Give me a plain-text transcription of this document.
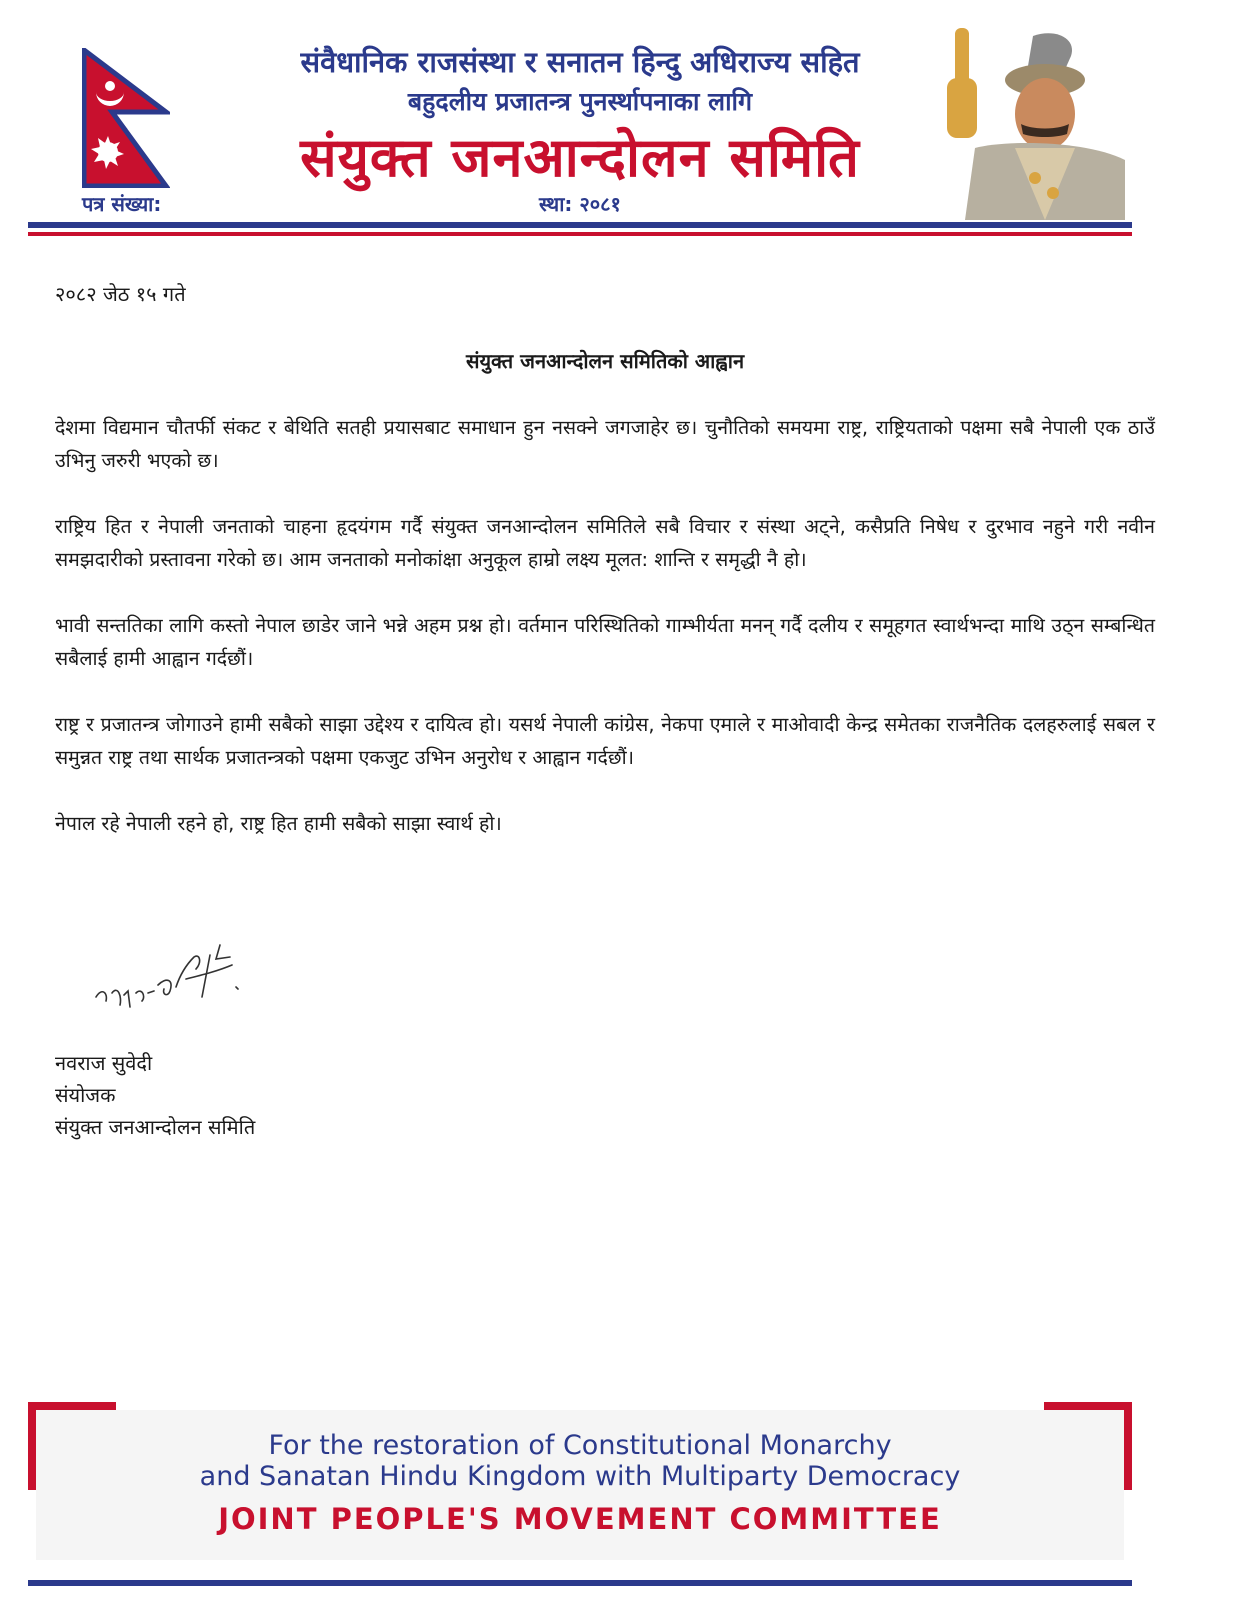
संवैधानिक राजसंस्था र सनातन हिन्दु अधिराज्य सहित

बहुदलीय प्रजातन्त्र पुनर्स्थापनाका लागि

संयुक्त जनआन्दोलन समिति

पत्र संख्या:	स्था: २०८१

२०८२ जेठ १५ गते

संयुक्त जनआन्दोलन समितिको आह्वान

देशमा विद्यमान चौतर्फी संकट र बेथिति सतही प्रयासबाट समाधान हुन नसक्ने जगजाहेर छ। चुनौतिको समयमा राष्ट्र, राष्ट्रियताको पक्षमा सबै नेपाली एक ठाउँ उभिनु जरुरी भएको छ।

राष्ट्रिय हित र नेपाली जनताको चाहना हृदयंगम गर्दै संयुक्त जनआन्दोलन समितिले सबै विचार र संस्था अट्ने, कसैप्रति निषेध र दुरभाव नहुने गरी नवीन समझदारीको प्रस्तावना गरेको छ। आम जनताको मनोकांक्षा अनुकूल हाम्रो लक्ष्य मूलत: शान्ति र समृद्धी नै हो।

भावी सन्ततिका लागि कस्तो नेपाल छाडेर जाने भन्ने अहम प्रश्न हो। वर्तमान परिस्थितिको गाम्भीर्यता मनन् गर्दै दलीय र समूहगत स्वार्थभन्दा माथि उठ्न सम्बन्धित सबैलाई हामी आह्वान गर्दछौं।

राष्ट्र र प्रजातन्त्र जोगाउने हामी सबैको साझा उद्देश्य र दायित्व हो। यसर्थ नेपाली कांग्रेस, नेकपा एमाले र माओवादी केन्द्र समेतका राजनैतिक दलहरुलाई सबल र समुन्नत राष्ट्र तथा सार्थक प्रजातन्त्रको पक्षमा एकजुट उभिन अनुरोध र आह्वान गर्दछौं।

नेपाल रहे नेपाली रहने हो, राष्ट्र हित हामी सबैको साझा स्वार्थ हो।

नवराज सुवेदी
संयोजक
संयुक्त जनआन्दोलन समिति

For the restoration of Constitutional Monarchy

and Sanatan Hindu Kingdom with Multiparty Democracy

JOINT PEOPLE'S MOVEMENT COMMITTEE
